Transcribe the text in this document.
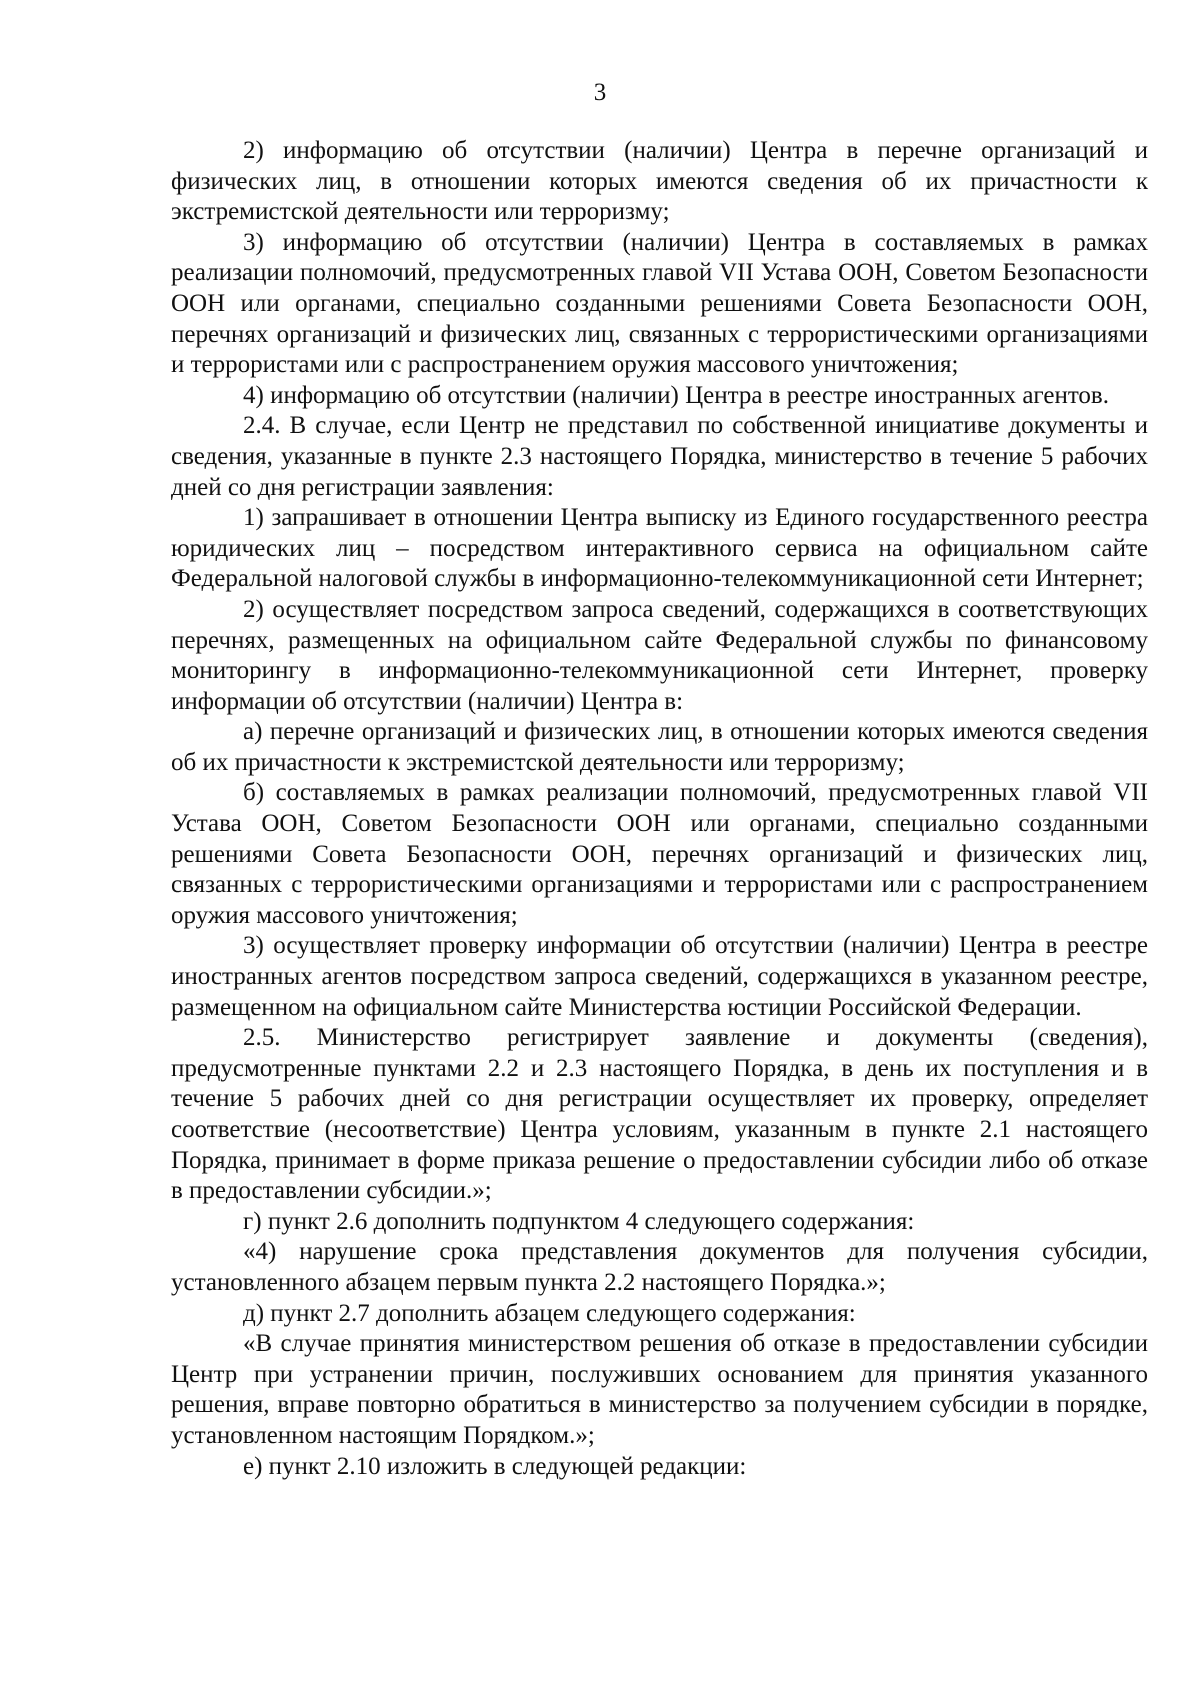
3

2) информацию об отсутствии (наличии) Центра в перечне организаций и физических лиц, в отношении которых имеются сведения об их причастности к экстремистской деятельности или терроризму;

3) информацию об отсутствии (наличии) Центра в составляемых в рамках реализации полномочий, предусмотренных главой VII Устава ООН, Советом Безопасности ООН или органами, специально созданными решениями Совета Безопасности ООН, перечнях организаций и физических лиц, связанных с террористическими организациями и террористами или с распространением оружия массового уничтожения;

4) информацию об отсутствии (наличии) Центра в реестре иностранных агентов.

2.4. В случае, если Центр не представил по собственной инициативе документы и сведения, указанные в пункте 2.3 настоящего Порядка, министерство в течение 5 рабочих дней со дня регистрации заявления:

1) запрашивает в отношении Центра выписку из Единого государственного реестра юридических лиц – посредством интерактивного сервиса на официальном сайте Федеральной налоговой службы в информационно-телекоммуникационной сети Интернет;

2) осуществляет посредством запроса сведений, содержащихся в соответствующих перечнях, размещенных на официальном сайте Федеральной службы по финансовому мониторингу в информационно-телекоммуникационной сети Интернет, проверку информации об отсутствии (наличии) Центра в:

а) перечне организаций и физических лиц, в отношении которых имеются сведения об их причастности к экстремистской деятельности или терроризму;

б) составляемых в рамках реализации полномочий, предусмотренных главой VII Устава ООН, Советом Безопасности ООН или органами, специально созданными решениями Совета Безопасности ООН, перечнях организаций и физических лиц, связанных с террористическими организациями и террористами или с распространением оружия массового уничтожения;

3) осуществляет проверку информации об отсутствии (наличии) Центра в реестре иностранных агентов посредством запроса сведений, содержащихся в указанном реестре, размещенном на официальном сайте Министерства юстиции Российской Федерации.

2.5. Министерство регистрирует заявление и документы (сведения), предусмотренные пунктами 2.2 и 2.3 настоящего Порядка, в день их поступления и в течение 5 рабочих дней со дня регистрации осуществляет их проверку, определяет соответствие (несоответствие) Центра условиям, указанным в пункте 2.1 настоящего Порядка, принимает в форме приказа решение о предоставлении субсидии либо об отказе в предоставлении субсидии.»;

г) пункт 2.6 дополнить подпунктом 4 следующего содержания:

«4) нарушение срока представления документов для получения субсидии, установленного абзацем первым пункта 2.2 настоящего Порядка.»;

д) пункт 2.7 дополнить абзацем следующего содержания:

«В случае принятия министерством решения об отказе в предоставлении субсидии Центр при устранении причин, послуживших основанием для принятия указанного решения, вправе повторно обратиться в министерство за получением субсидии в порядке, установленном настоящим Порядком.»;

е) пункт 2.10 изложить в следующей редакции:
